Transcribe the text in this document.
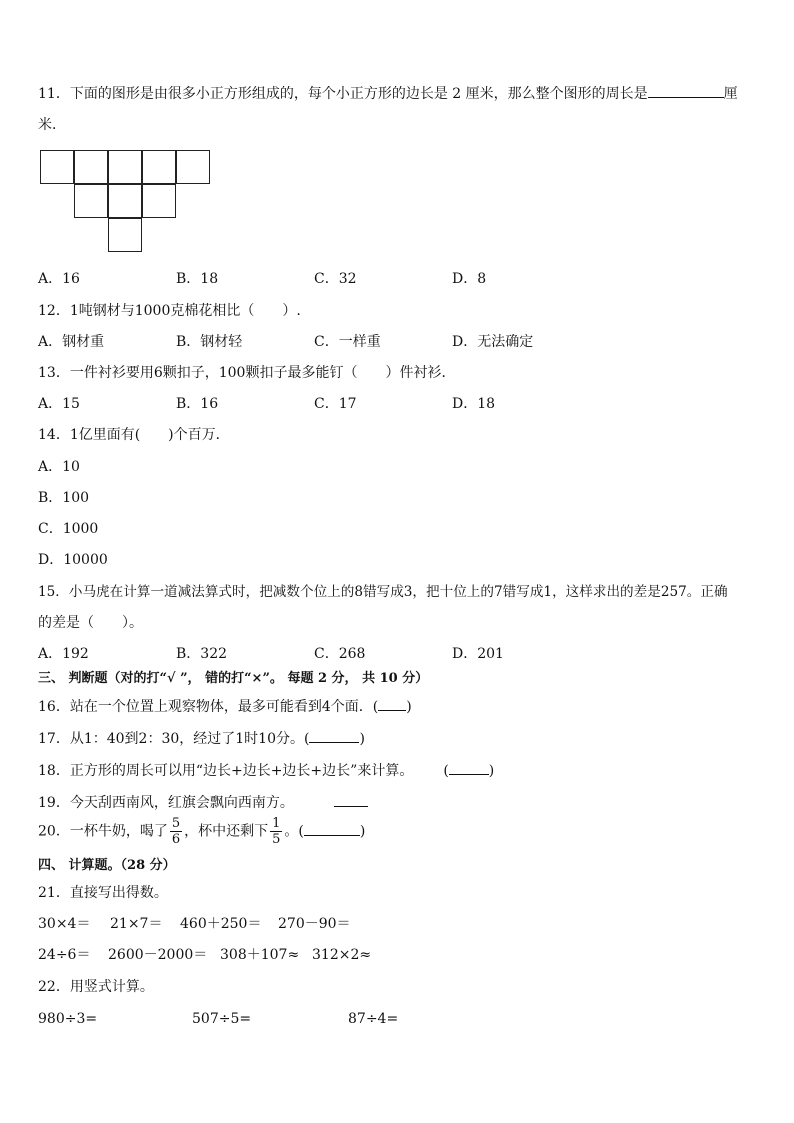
11．下面的图形是由很多小正方形组成的，每个小正方形的边长是 2 厘米，那么整个图形的周长是	厘
米．
A．16	B．18	C．32	D．8
12．1吨钢材与1000克棉花相比（　　）.
A．钢材重	B．钢材轻	C．一样重	D．无法确定
13．一件衬衫要用6颗扣子，100颗扣子最多能钉（　　）件衬衫．
A．15	B．16	C．17	D．18
14．1亿里面有(　　)个百万．
A．10
B．100
C．1000
D．10000
15．小马虎在计算一道减法算式时，把减数个位上的8错写成3，把十位上的7错写成1，这样求出的差是257。正确
的差是（　　）。
A．192	B．322	C．268	D．201
三、 判断题（对的打“√ ”， 错的打“×”。 每题 2 分， 共 10 分）
16．站在一个位置上观察物体，最多可能看到4个面．( )
17．从1：40到2：30，经过了1时10分。(	)
18．正方形的周长可以用“边长+边长+边长+边长”来计算。 (	)
19．今天刮西南风，红旗会飘向西南方。
20．一杯牛奶，喝了 $\frac{5}{6}$ ，杯中还剩下 $\frac{1}{5}$ 。(	)
四、 计算题。（28 分）
21．直接写出得数。
30×4＝ 21×7＝ 460＋250＝ 270－90＝
24÷6＝ 2600－2000＝ 308＋107≈ 312×2≈
22．用竖式计算。
980÷3=	507÷5=	87÷4=
